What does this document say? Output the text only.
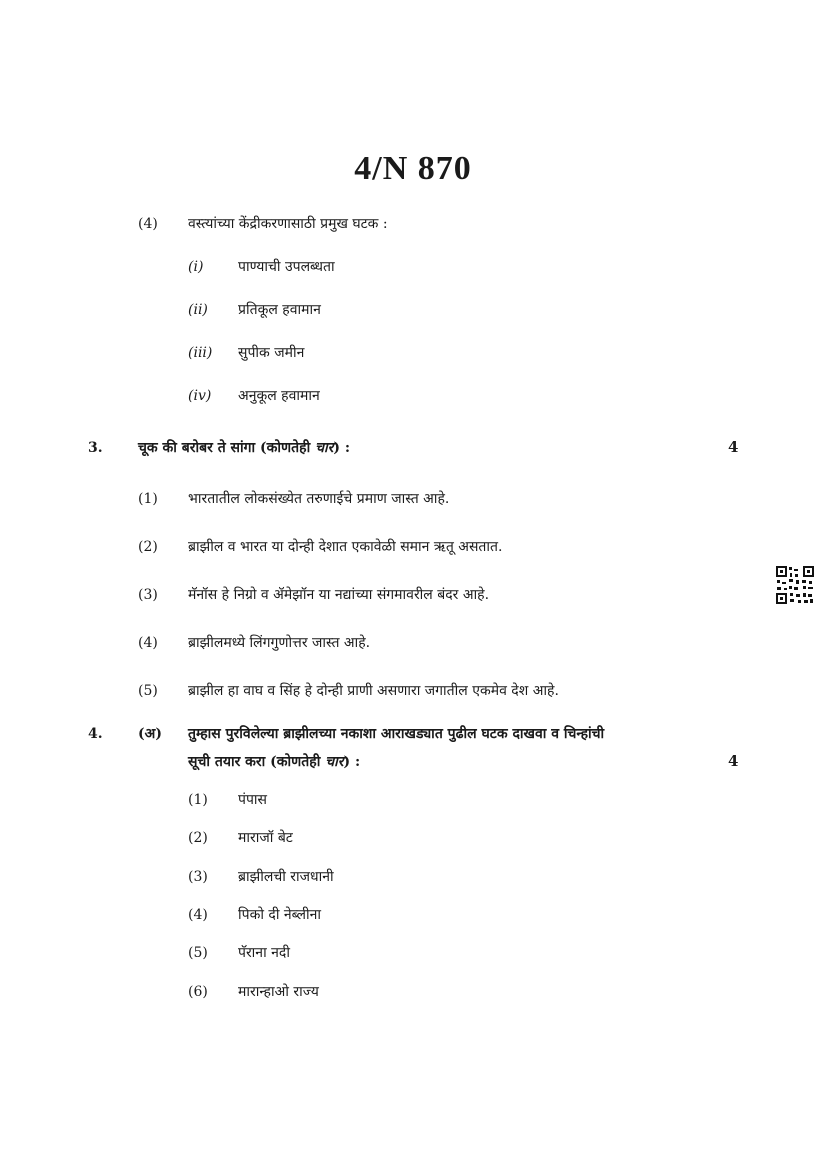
4/N 870
(4) वस्त्यांच्या केंद्रीकरणासाठी प्रमुख घटक :
(i) पाण्याची उपलब्धता
(ii) प्रतिकूल हवामान
(iii) सुपीक जमीन
(iv) अनुकूल हवामान
3.	चूक की बरोबर ते सांगा (कोणतेही चार) :	4
(1) भारतातील लोकसंख्येत तरुणाईचे प्रमाण जास्त आहे.
(2) ब्राझील व भारत या दोन्ही देशात एकावेळी समान ऋतू असतात.
(3) मॅनॉस हे निग्रो व ॲमेझॉन या नद्यांच्या संगमावरील बंदर आहे.
(4) ब्राझीलमध्ये लिंगगुणोत्तर जास्त आहे.
(5) ब्राझील हा वाघ व सिंह हे दोन्ही प्राणी असणारा जगातील एकमेव देश आहे.
4.	(अ) तुम्हास पुरविलेल्या ब्राझीलच्या नकाशा आराखड्यात पुढील घटक दाखवा व चिन्हांची
सूची तयार करा (कोणतेही चार) :	4
(1) पंपास
(2) माराजॉ बेट
(3) ब्राझीलची राजधानी
(4) पिको दी नेब्लीना
(5) पॅराना नदी
(6) मारान्हाओ राज्य
